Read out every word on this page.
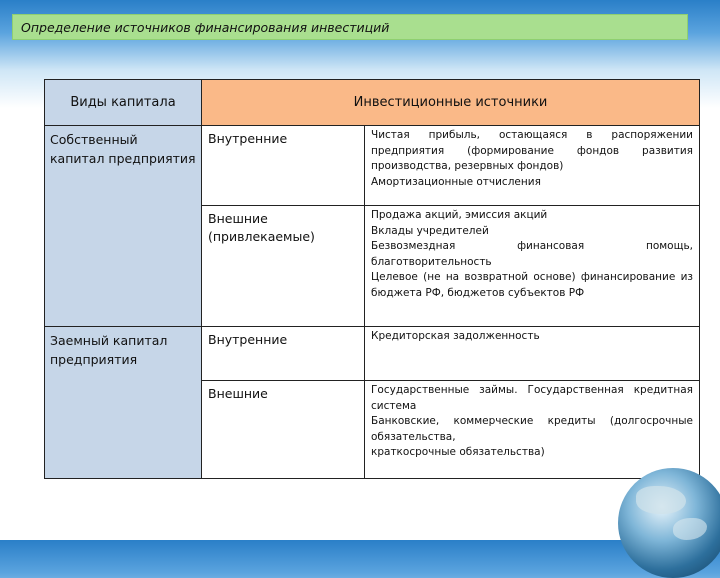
Определение источников финансирования инвестиций
Виды капитала	Инвестиционные источники	
Собственный капитал предприятия	Внутренние	Чистая прибыль, остающаяся в распоряжении предприятия (формирование фондов развития производства, резервных фондов)
Амортизационные отчисления

	Внешние (привлекаемые)	Продажа акций, эмиссия акций
Вклады учредителей
Безвозмездная финансовая помощь, благотворительность
Целевое (не на возвратной основе) финансирование из бюджета РФ, бюджетов субъектов РФ

Заемный капитал предприятия	Внутренние	Кредиторская задолженность

	Внешние	Государственные займы. Государственная кредитная система
Банковские, коммерческие кредиты (долгосрочные обязательства,
краткосрочные обязательства)
